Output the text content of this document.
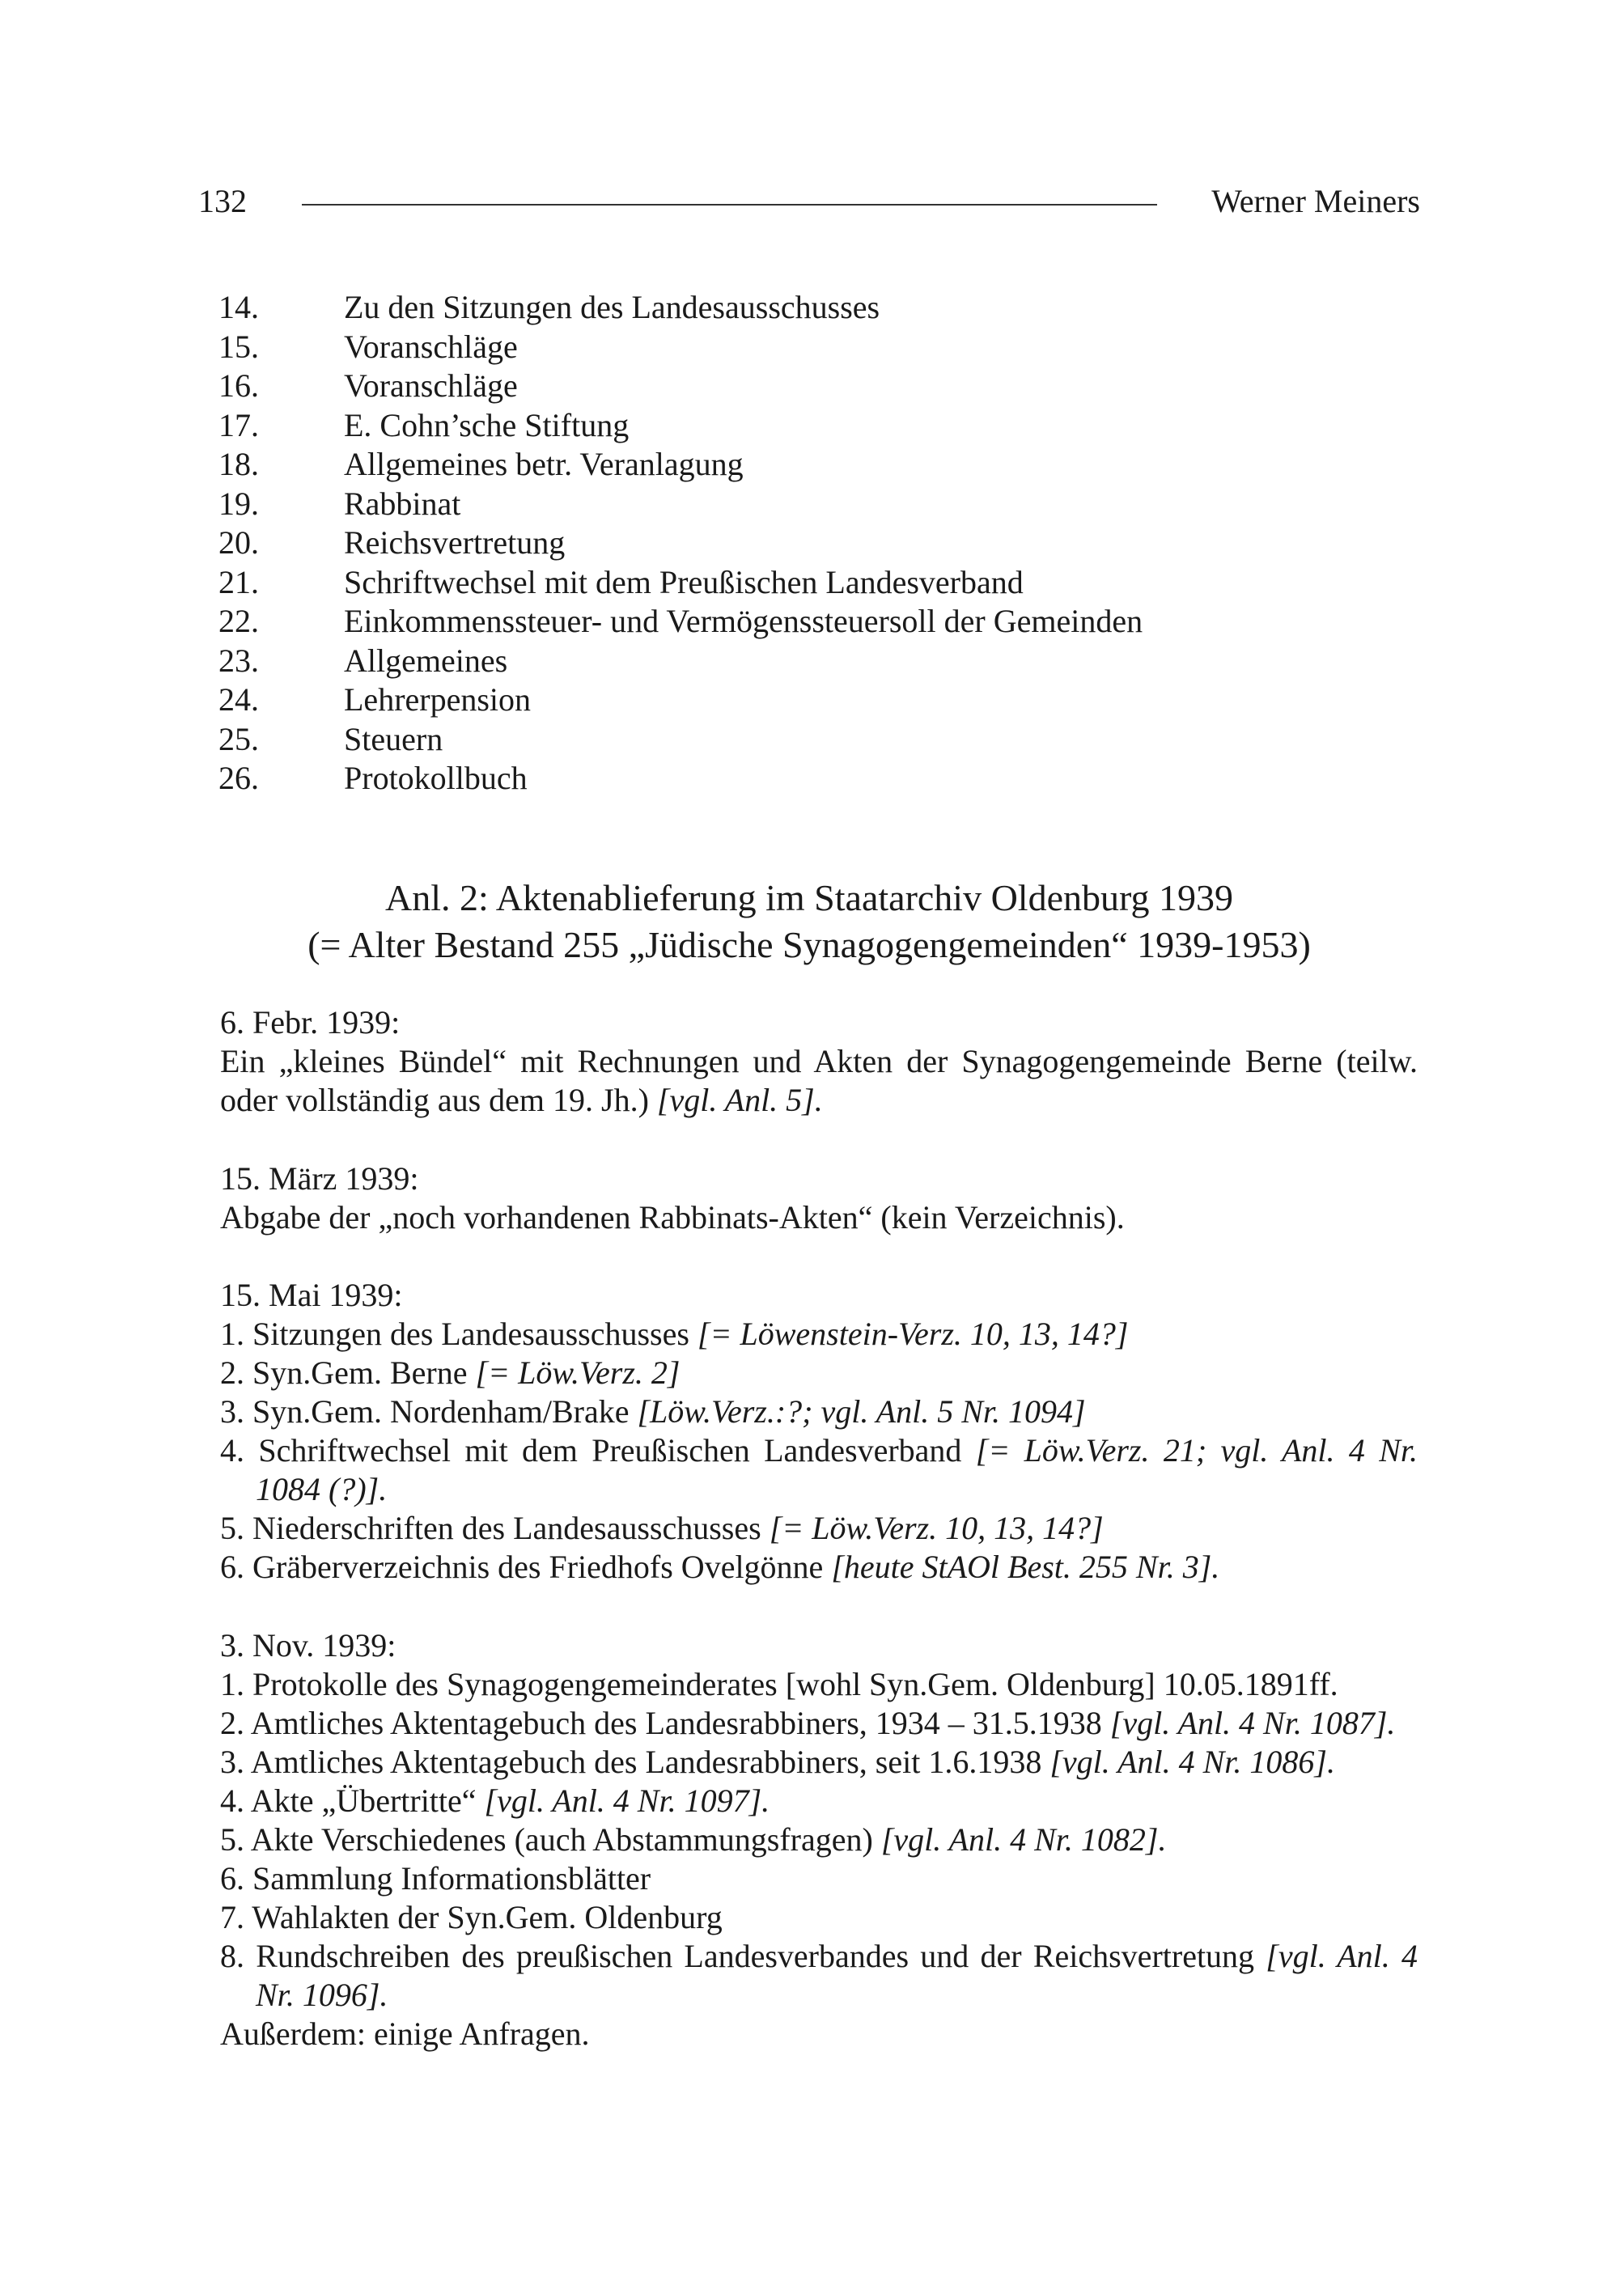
132	Werner Meiners
14.	Zu den Sitzungen des Landesausschusses
15.	Voranschläge
16.	Voranschläge
17.	E. Cohn’sche Stiftung
18.	Allgemeines betr. Veranlagung
19.	Rabbinat
20.	Reichsvertretung
21.	Schriftwechsel mit dem Preußischen Landesverband
22.	Einkommenssteuer- und Vermögenssteuersoll der Gemeinden
23.	Allgemeines
24.	Lehrerpension
25.	Steuern
26.	Protokollbuch
Anl. 2: Aktenablieferung im Staatarchiv Oldenburg 1939
(= Alter Bestand 255 „Jüdische Synagogengemeinden“ 1939-1953)
6. Febr. 1939:
Ein „kleines Bündel“ mit Rechnungen und Akten der Synagogengemeinde Berne (teilw. oder vollständig aus dem 19. Jh.) [vgl. Anl. 5].
15. März 1939:
Abgabe der „noch vorhandenen Rabbinats-Akten“ (kein Verzeichnis).
15. Mai 1939:
1. Sitzungen des Landesausschusses [= Löwenstein-Verz. 10, 13, 14?]
2. Syn.Gem. Berne [= Löw.Verz. 2]
3. Syn.Gem. Nordenham/Brake [Löw.Verz.:?; vgl. Anl. 5 Nr. 1094]
4. Schriftwechsel mit dem Preußischen Landesverband [= Löw.Verz. 21; vgl. Anl. 4 Nr. 1084 (?)].
5. Niederschriften des Landesausschusses [= Löw.Verz. 10, 13, 14?]
6. Gräberverzeichnis des Friedhofs Ovelgönne [heute StAOl Best. 255 Nr. 3].
3. Nov. 1939:
1. Protokolle des Synagogengemeinderates [wohl Syn.Gem. Oldenburg] 10.05.1891ff.
2. Amtliches Aktentagebuch des Landesrabbiners, 1934 – 31.5.1938 [vgl. Anl. 4 Nr. 1087].
3. Amtliches Aktentagebuch des Landesrabbiners, seit 1.6.1938 [vgl. Anl. 4 Nr. 1086].
4. Akte „Übertritte“ [vgl. Anl. 4 Nr. 1097].
5. Akte Verschiedenes (auch Abstammungsfragen) [vgl. Anl. 4 Nr. 1082].
6. Sammlung Informationsblätter
7. Wahlakten der Syn.Gem. Oldenburg
8. Rundschreiben des preußischen Landesverbandes und der Reichsvertretung [vgl. Anl. 4 Nr. 1096].
Außerdem: einige Anfragen.
